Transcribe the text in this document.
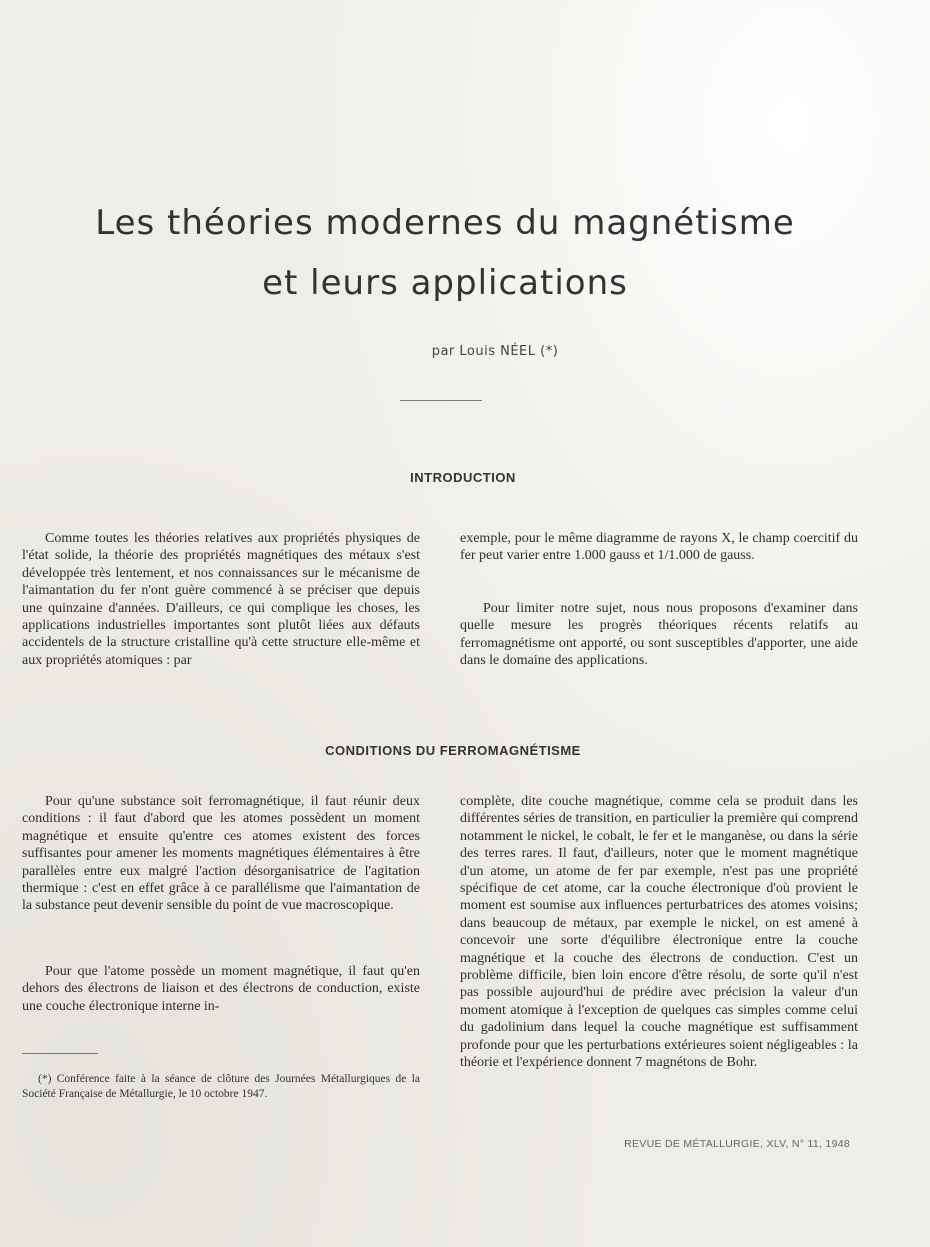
Les théories modernes du magnétisme
et leurs applications
par Louis NÉEL (*)
INTRODUCTION

Comme toutes les théories relatives aux propriétés physiques de l'état solide, la théorie des propriétés magnétiques des métaux s'est développée très lentement, et nos connaissances sur le mécanisme de l'aimantation du fer n'ont guère commencé à se préciser que depuis une quinzaine d'années. D'ailleurs, ce qui complique les choses, les applications industrielles importantes sont plutôt liées aux défauts accidentels de la structure cristalline qu'à cette structure elle-même et aux propriétés atomiques : par

exemple, pour le même diagramme de rayons X, le champ coercitif du fer peut varier entre 1.000 gauss et 1/1.000 de gauss.

Pour limiter notre sujet, nous nous proposons d'examiner dans quelle mesure les progrès théoriques récents relatifs au ferromagnétisme ont apporté, ou sont susceptibles d'apporter, une aide dans le domaine des applications.

CONDITIONS DU FERROMAGNÉTISME

Pour qu'une substance soit ferromagnétique, il faut réunir deux conditions : il faut d'abord que les atomes possèdent un moment magnétique et ensuite qu'entre ces atomes existent des forces suffisantes pour amener les moments magnétiques élémentaires à être parallèles entre eux malgré l'action désorganisatrice de l'agitation thermique : c'est en effet grâce à ce parallélisme que l'aimantation de la substance peut devenir sensible du point de vue macroscopique.

Pour que l'atome possède un moment magnétique, il faut qu'en dehors des électrons de liaison et des électrons de conduction, existe une couche électronique interne in-

complète, dite couche magnétique, comme cela se produit dans les différentes séries de transition, en particulier la première qui comprend notamment le nickel, le cobalt, le fer et le manganèse, ou dans la série des terres rares. Il faut, d'ailleurs, noter que le moment magnétique d'un atome, un atome de fer par exemple, n'est pas une propriété spécifique de cet atome, car la couche électronique d'où provient le moment est soumise aux influences perturbatrices des atomes voisins; dans beaucoup de métaux, par exemple le nickel, on est amené à concevoir une sorte d'équilibre électronique entre la couche magnétique et la couche des électrons de conduction. C'est un problème difficile, bien loin encore d'être résolu, de sorte qu'il n'est pas possible aujourd'hui de prédire avec précision la valeur d'un moment atomique à l'exception de quelques cas simples comme celui du gadolinium dans lequel la couche magnétique est suffisamment profonde pour que les perturbations extérieures soient négligeables : la théorie et l'expérience donnent 7 magnétons de Bohr.

(*) Conférence faite à la séance de clôture des Journées Métallurgiques de la Société Française de Métallurgie, le 10 octobre 1947.

REVUE DE MÉTALLURGIE, XLV, N° 11, 1948
